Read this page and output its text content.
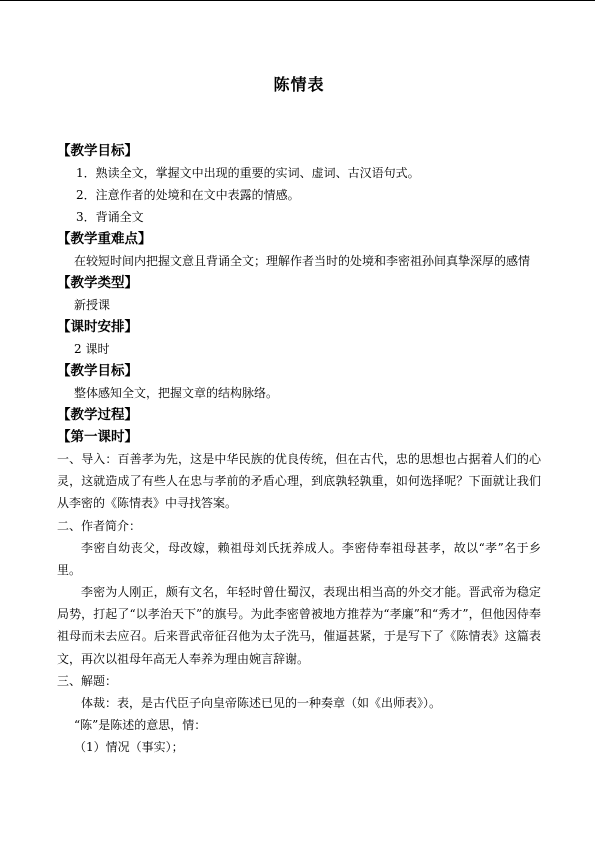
陈情表
【教学目标】
1．熟读全文，掌握文中出现的重要的实词、虚词、古汉语句式。
2．注意作者的处境和在文中表露的情感。
3．背诵全文
【教学重难点】
在较短时间内把握文意且背诵全文；理解作者当时的处境和李密祖孙间真挚深厚的感情
【教学类型】
新授课
【课时安排】
2 课时
【教学目标】
整体感知全文，把握文章的结构脉络。
【教学过程】
【第一课时】
一、导入：百善孝为先，这是中华民族的优良传统，但在古代，忠的思想也占据着人们的心灵，这就造成了有些人在忠与孝前的矛盾心理，到底孰轻孰重，如何选择呢？下面就让我们从李密的《陈情表》中寻找答案。
二、作者简介：
李密自幼丧父，母改嫁，赖祖母刘氏抚养成人。李密侍奉祖母甚孝，故以“孝”名于乡里。
李密为人刚正，颇有文名，年轻时曾仕蜀汉，表现出相当高的外交才能。晋武帝为稳定局势，打起了“以孝治天下”的旗号。为此李密曾被地方推荐为“孝廉”和“秀才”，但他因侍奉祖母而未去应召。后来晋武帝征召他为太子洗马，催逼甚紧，于是写下了《陈情表》这篇表文，再次以祖母年高无人奉养为理由婉言辞谢。
三、解题：
体裁：表，是古代臣子向皇帝陈述已见的一种奏章（如《出师表》）。
“陈”是陈述的意思，情：
（1）情况（事实）；
